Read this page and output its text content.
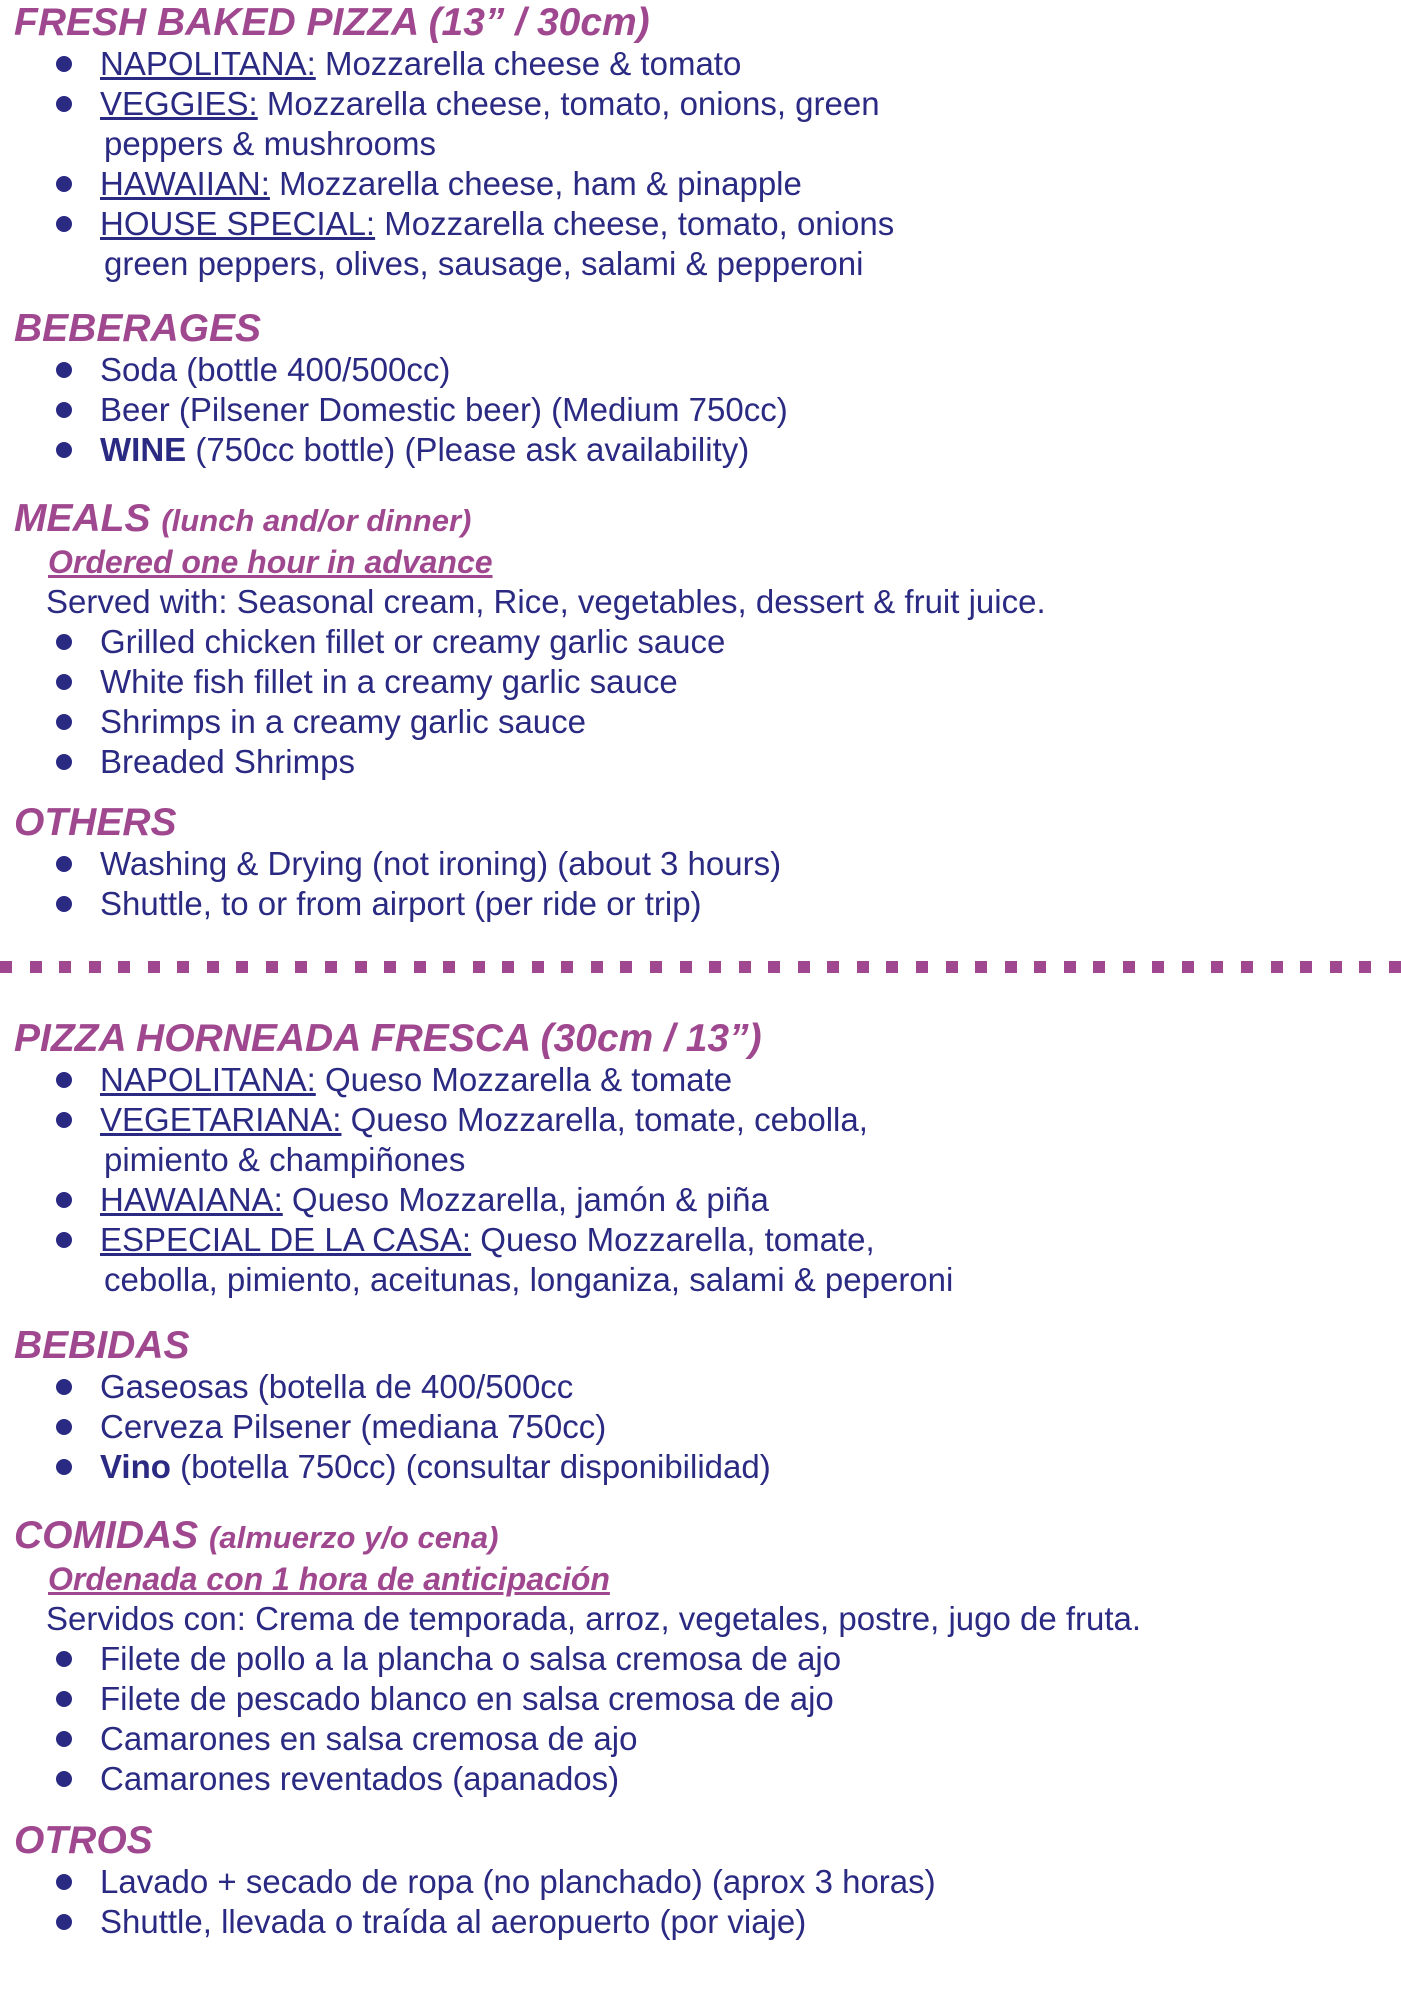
FRESH BAKED PIZZA (13” / 30cm)
NAPOLITANA: Mozzarella cheese & tomato
VEGGIES: Mozzarella cheese, tomato, onions, green
peppers & mushrooms
HAWAIIAN: Mozzarella cheese, ham & pinapple
HOUSE SPECIAL: Mozzarella cheese, tomato, onions
green peppers, olives, sausage, salami & pepperoni
BEBERAGES
Soda (bottle 400/500cc)
Beer (Pilsener Domestic beer) (Medium 750cc)
WINE (750cc bottle) (Please ask availability)
MEALS (lunch and/or dinner)
Ordered one hour in advance
Served with: Seasonal cream, Rice, vegetables, dessert & fruit juice.
Grilled chicken fillet or creamy garlic sauce
White fish fillet in a creamy garlic sauce
Shrimps in a creamy garlic sauce
Breaded Shrimps
OTHERS
Washing & Drying (not ironing) (about 3 hours)
Shuttle, to or from airport (per ride or trip)
PIZZA HORNEADA FRESCA (30cm / 13”)
NAPOLITANA: Queso Mozzarella & tomate
VEGETARIANA: Queso Mozzarella, tomate, cebolla,
pimiento & champiñones
HAWAIANA: Queso Mozzarella, jamón & piña
ESPECIAL DE LA CASA: Queso Mozzarella, tomate,
cebolla, pimiento, aceitunas, longaniza, salami & peperoni
BEBIDAS
Gaseosas (botella de 400/500cc
Cerveza Pilsener (mediana 750cc)
Vino (botella 750cc) (consultar disponibilidad)
COMIDAS (almuerzo y/o cena)
Ordenada con 1 hora de anticipación
Servidos con: Crema de temporada, arroz, vegetales, postre, jugo de fruta.
Filete de pollo a la plancha o salsa cremosa de ajo
Filete de pescado blanco en salsa cremosa de ajo
Camarones en salsa cremosa de ajo
Camarones reventados (apanados)
OTROS
Lavado + secado de ropa (no planchado) (aprox 3 horas)
Shuttle, llevada o traída al aeropuerto (por viaje)
